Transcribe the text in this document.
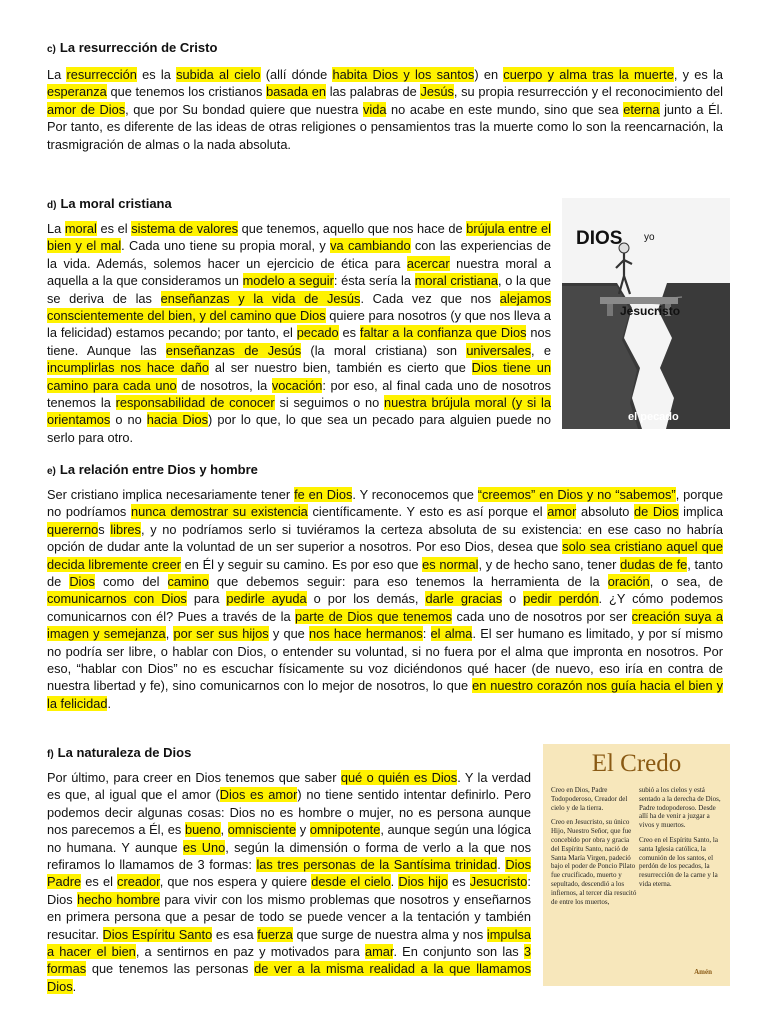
c) La resurrección de Cristo

La resurrección es la subida al cielo (allí dónde habita Dios y los santos) en cuerpo y alma tras la muerte, y es la esperanza que tenemos los cristianos basada en las palabras de Jesús, su propia resurrección y el reconocimiento del amor de Dios, que por Su bondad quiere que nuestra vida no acabe en este mundo, sino que sea eterna junto a Él. Por tanto, es diferente de las ideas de otras religiones o pensamientos tras la muerte como lo son la reencarnación, la trasmigración de almas o la nada absoluta.

d) La moral cristiana

La moral es el sistema de valores que tenemos, aquello que nos hace de brújula entre el bien y el mal. Cada uno tiene su propia moral, y va cambiando con las experiencias de la vida. Además, solemos hacer un ejercicio de ética para acercar nuestra moral a aquella a la que consideramos un modelo a seguir: ésta sería la moral cristiana, o la que se deriva de las enseñanzas y la vida de Jesús. Cada vez que nos alejamos conscientemente del bien, y del camino que Dios quiere para nosotros (y que nos lleva a la felicidad) estamos pecando; por tanto, el pecado es faltar a la confianza que Dios nos tiene. Aunque las enseñanzas de Jesús (la moral cristiana) son universales, e incumplirlas nos hace daño al ser nuestro bien, también es cierto que Dios tiene un camino para cada uno de nosotros, la vocación: por eso, al final cada uno de nosotros tenemos la responsabilidad de conocer si seguimos o no nuestra brújula moral (y si la orientamos o no hacia Dios) por lo que, lo que sea un pecado para alguien puede no serlo para otro.

DIOS yo
Jesucristo
el pecado
e) La relación entre Dios y hombre

Ser cristiano implica necesariamente tener fe en Dios. Y reconocemos que “creemos” en Dios y no “sabemos”, porque no podríamos nunca demostrar su existencia científicamente. Y esto es así porque el amor absoluto de Dios implica querernos libres, y no podríamos serlo si tuviéramos la certeza absoluta de su existencia: en ese caso no habría opción de dudar ante la voluntad de un ser superior a nosotros. Por eso Dios, desea que solo sea cristiano aquel que decida libremente creer en Él y seguir su camino. Es por eso que es normal, y de hecho sano, tener dudas de fe, tanto de Dios como del camino que debemos seguir: para eso tenemos la herramienta de la oración, o sea, de comunicarnos con Dios para pedirle ayuda o por los demás, darle gracias o pedir perdón. ¿Y cómo podemos comunicarnos con él? Pues a través de la parte de Dios que tenemos cada uno de nosotros por ser creación suya a imagen y semejanza, por ser sus hijos y que nos hace hermanos: el alma. El ser humano es limitado, y por sí mismo no podría ser libre, o hablar con Dios, o entender su voluntad, si no fuera por el alma que impronta en nosotros. Por eso, “hablar con Dios” no es escuchar físicamente su voz diciéndonos qué hacer (de nuevo, eso iría en contra de nuestra libertad y fe), sino comunicarnos con lo mejor de nosotros, lo que en nuestro corazón nos guía hacia el bien y la felicidad.

f) La naturaleza de Dios

Por último, para creer en Dios tenemos que saber qué o quién es Dios. Y la verdad es que, al igual que el amor (Dios es amor) no tiene sentido intentar definirlo. Pero podemos decir algunas cosas: Dios no es hombre o mujer, no es persona aunque nos parecemos a Él, es bueno, omnisciente y omnipotente, aunque según una lógica no humana. Y aunque es Uno, según la dimensión o forma de verlo a la que nos refiramos lo llamamos de 3 formas: las tres personas de la Santísima trinidad. Dios Padre es el creador, que nos espera y quiere desde el cielo. Dios hijo es Jesucristo: Dios hecho hombre para vivir con los mismo problemas que nosotros y enseñarnos en primera persona que a pesar de todo se puede vencer a la tentación y también resucitar. Dios Espíritu Santo es esa fuerza que surge de nuestra alma y nos impulsa a hacer el bien, a sentirnos en paz y motivados para amar. En conjunto son las 3 formas que tenemos las personas de ver a la misma realidad a la que llamamos Dios.

El Credo

Creo en Dios, Padre Todopoderoso, Creador del cielo y de la tierra.

Creo en Jesucristo, su único Hijo, Nuestro Señor, que fue concebido por obra y gracia del Espíritu Santo, nació de Santa María Virgen, padeció bajo el poder de Poncio Pilato fue crucificado, muerto y sepultado, descendió a los infiernos, al tercer día resucitó de entre los muertos,

subió a los cielos y está sentado a la derecha de Dios, Padre todopoderoso. Desde allí ha de venir a juzgar a vivos y muertos.

Creo en el Espíritu Santo, la santa Iglesia católica, la comunión de los santos, el perdón de los pecados, la resurrección de la carne y la vida eterna.

Amén
